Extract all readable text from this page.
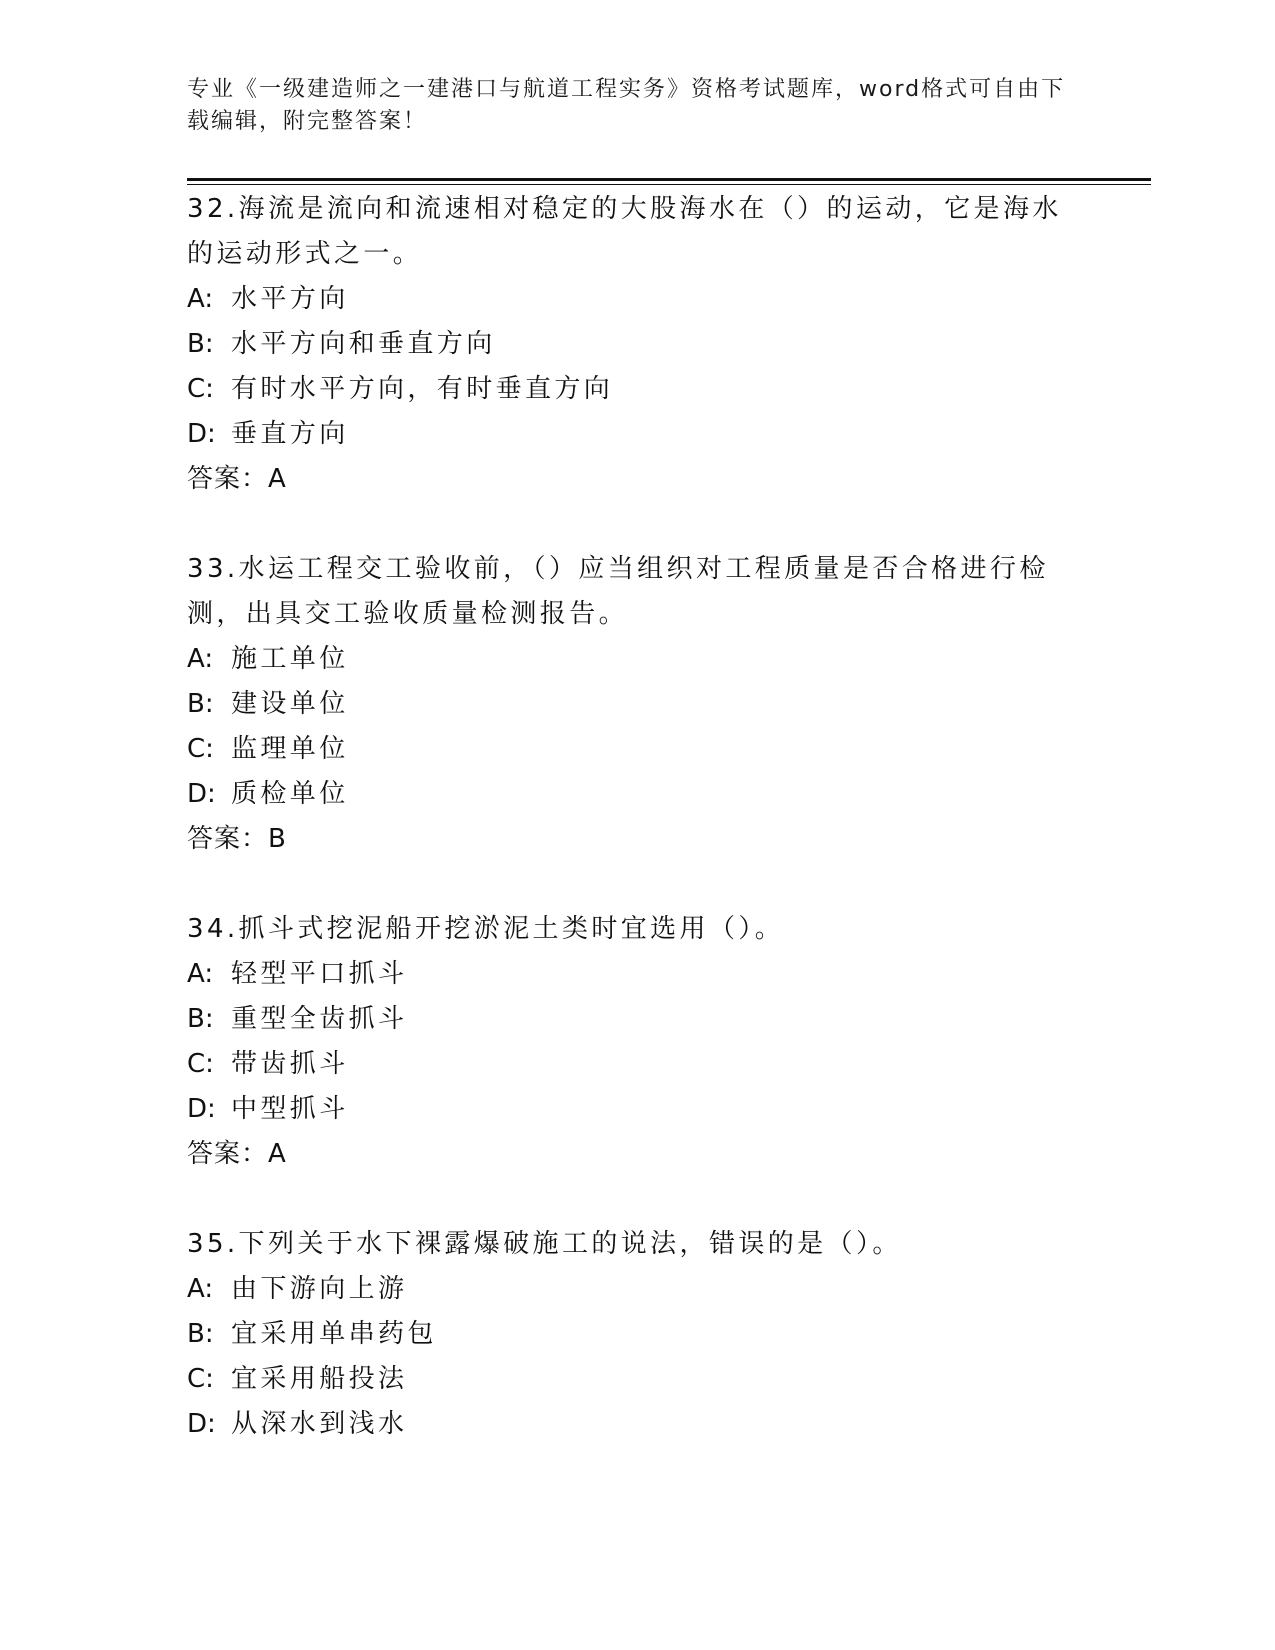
专业《一级建造师之一建港口与航道工程实务》资格考试题库，word格式可自由下载编辑，附完整答案！

32.海流是流向和流速相对稳定的大股海水在（）的运动，它是海水的运动形式之一。

A: 水平方向
B: 水平方向和垂直方向
C: 有时水平方向，有时垂直方向
D: 垂直方向

答案：A

33.水运工程交工验收前，（）应当组织对工程质量是否合格进行检测，出具交工验收质量检测报告。

A: 施工单位
B: 建设单位
C: 监理单位
D: 质检单位

答案：B

34.抓斗式挖泥船开挖淤泥土类时宜选用（）。

A: 轻型平口抓斗
B: 重型全齿抓斗
C: 带齿抓斗
D: 中型抓斗

答案：A

35.下列关于水下裸露爆破施工的说法，错误的是（）。

A: 由下游向上游
B: 宜采用单串药包
C: 宜采用船投法
D: 从深水到浅水
